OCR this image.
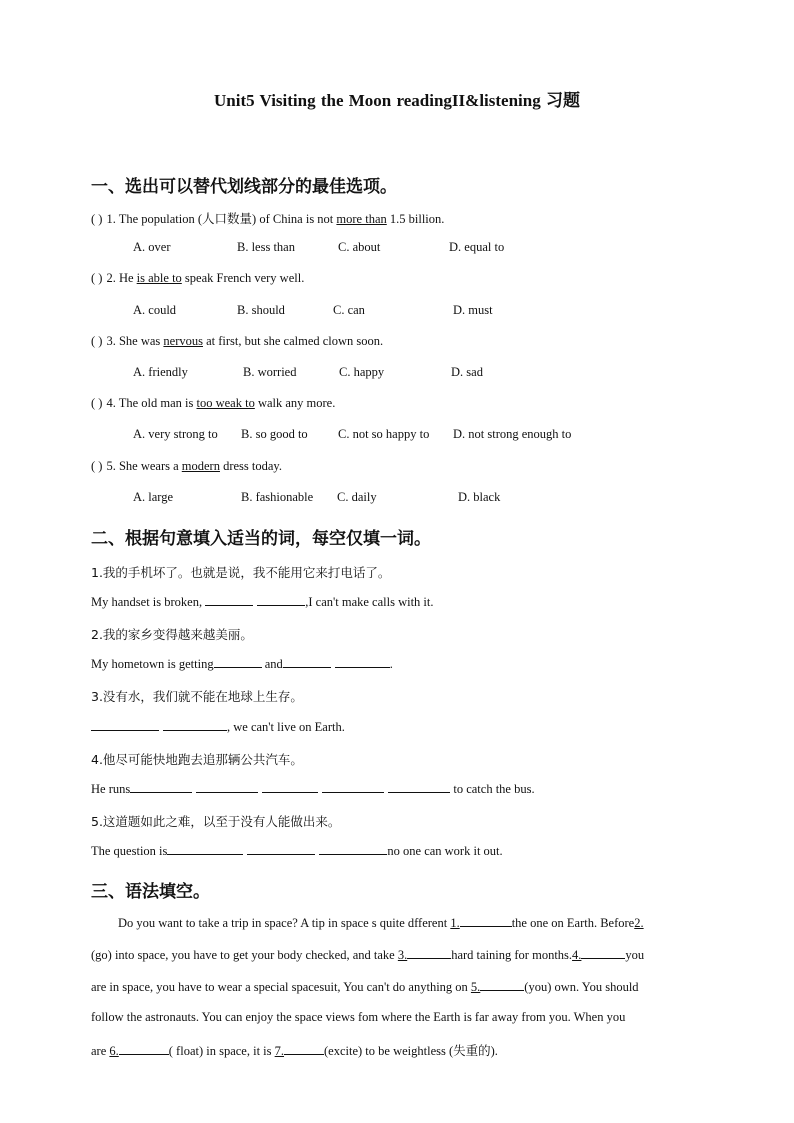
Unit5 Visiting the Moon readingII&listening 习题
一、选出可以替代划线部分的最佳选项。
( ) 1. The population (人口数量) of China is not more than 1.5 billion.
A. over	B. less than	C. about	D. equal to
( ) 2. He is able to speak French very well.
A. could	B. should	C. can	D. must
( ) 3. She was nervous at first, but she calmed clown soon.
A. friendly	B. worried	C. happy	D. sad
( ) 4. The old man is too weak to walk any more.
A. very strong to B. so good to C. not so happy to D. not strong enough to
( ) 5. She wears a modern dress today.
A. large	B. fashionable C. daily	D. black
二、根据句意填入适当的词，每空仅填一词。
1.我的手机坏了。也就是说，我不能用它来打电话了。
My handset is broken,	,I can't make calls with it.
2.我的家乡变得越来越美丽。
My hometown is getting	and	.
3.没有水，我们就不能在地球上生存。
, we can't live on Earth.
4.他尽可能快地跑去追那辆公共汽车。
He runs	to catch the bus.
5.这道题如此之难，以至于没有人能做出来。
The question is	no one can work it out.
三、语法填空。
Do you want to take a trip in space? A tip in space s quite dfferent 1.	the one on Earth. Before2.
(go) into space, you have to get your body checked, and take 3.	hard taining for months.4.	you
are in space, you have to wear a special spacesuit, You can't do anything on 5.	(you) own. You should
follow the astronauts. You can enjoy the space views fom where the Earth is far away from you. When you
are 6.	( float) in space, it is 7.	(excite) to be weightless (失重的).
